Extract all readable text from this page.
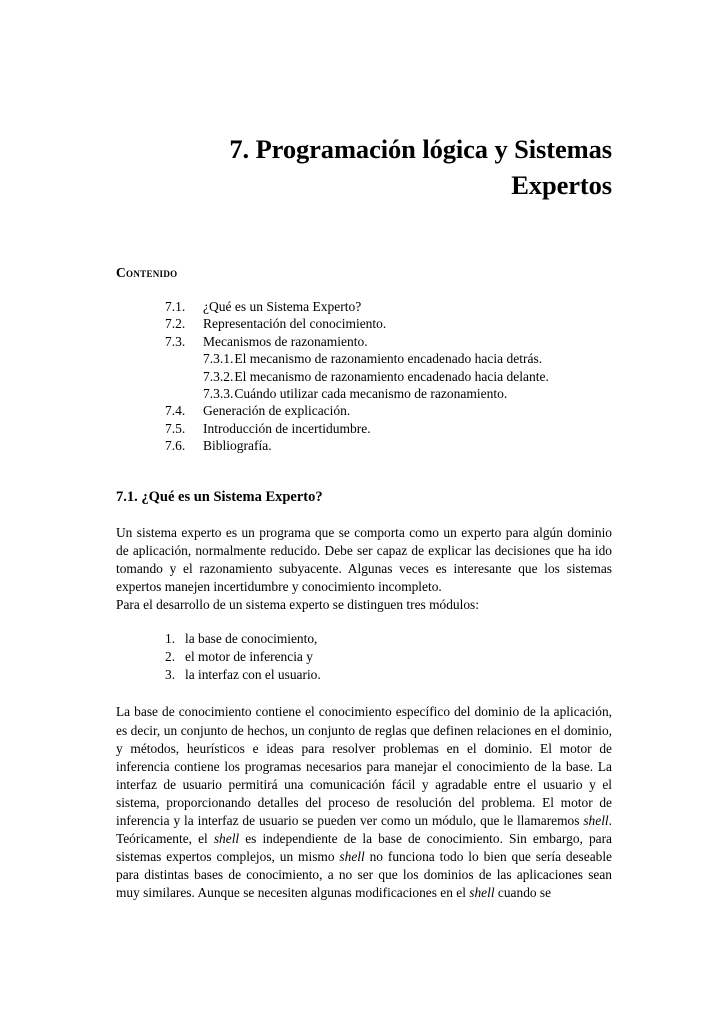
7. Programación lógica y Sistemas
Expertos
Contenido
7.1.	¿Qué es un Sistema Experto?
7.2.	Representación del conocimiento.
7.3.	Mecanismos de razonamiento.
7.3.1. El mecanismo de razonamiento encadenado hacia detrás.
7.3.2. El mecanismo de razonamiento encadenado hacia delante.
7.3.3. Cuándo utilizar cada mecanismo de razonamiento.
7.4.	Generación de explicación.
7.5.	Introducción de incertidumbre.
7.6.	Bibliografía.
7.1. ¿Qué es un Sistema Experto?

Un sistema experto es un programa que se comporta como un experto para algún dominio de aplicación, normalmente reducido. Debe ser capaz de explicar las decisiones que ha ido tomando y el razonamiento subyacente. Algunas veces es interesante que los sistemas expertos manejen incertidumbre y conocimiento incompleto.

Para el desarrollo de un sistema experto se distinguen tres módulos:

1. la base de conocimiento,
2. el motor de inferencia y
3. la interfaz con el usuario.

La base de conocimiento contiene el conocimiento específico del dominio de la aplicación, es decir, un conjunto de hechos, un conjunto de reglas que definen relaciones en el dominio, y métodos, heurísticos e ideas para resolver problemas en el dominio. El motor de inferencia contiene los programas necesarios para manejar el conocimiento de la base. La interfaz de usuario permitirá una comunicación fácil y agradable entre el usuario y el sistema, proporcionando detalles del proceso de resolución del problema. El motor de inferencia y la interfaz de usuario se pueden ver como un módulo, que le llamaremos shell. Teóricamente, el shell es independiente de la base de conocimiento. Sin embargo, para sistemas expertos complejos, un mismo shell no funciona todo lo bien que sería deseable para distintas bases de conocimiento, a no ser que los dominios de las aplicaciones sean muy similares. Aunque se necesiten algunas modificaciones en el shell cuando se
